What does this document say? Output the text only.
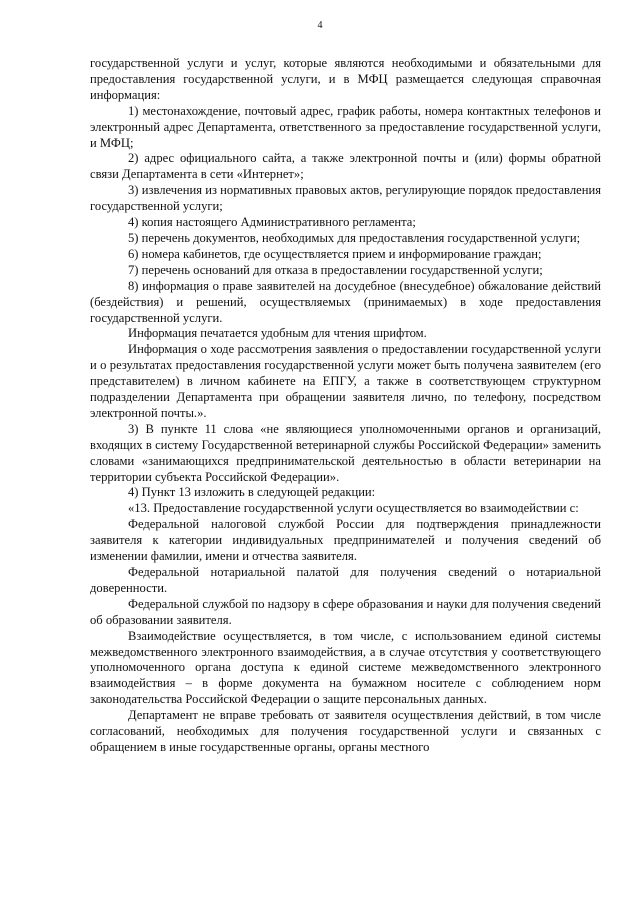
4

государственной услуги и услуг, которые являются необходимыми и обязательными для предоставления государственной услуги, и в МФЦ размещается следующая справочная информация:

1) местонахождение, почтовый адрес, график работы, номера контактных телефонов и электронный адрес Департамента, ответственного за предоставление государственной услуги, и МФЦ;

2) адрес официального сайта, а также электронной почты и (или) формы обратной связи Департамента в сети «Интернет»;

3) извлечения из нормативных правовых актов, регулирующие порядок предоставления государственной услуги;

4) копия настоящего Административного регламента;

5) перечень документов, необходимых для предоставления государственной услуги;

6) номера кабинетов, где осуществляется прием и информирование граждан;

7) перечень оснований для отказа в предоставлении государственной услуги;

8) информация о праве заявителей на досудебное (внесудебное) обжалование действий (бездействия) и решений, осуществляемых (принимаемых) в ходе предоставления государственной услуги.

Информация печатается удобным для чтения шрифтом.

Информация о ходе рассмотрения заявления о предоставлении государственной услуги и о результатах предоставления государственной услуги может быть получена заявителем (его представителем) в личном кабинете на ЕПГУ, а также в соответствующем структурном подразделении Департамента при обращении заявителя лично, по телефону, посредством электронной почты.».

3) В пункте 11 слова «не являющиеся уполномоченными органов и организаций, входящих в систему Государственной ветеринарной службы Российской Федерации» заменить словами «занимающихся предпринимательской деятельностью в области ветеринарии на территории субъекта Российской Федерации».

4) Пункт 13 изложить в следующей редакции:

«13. Предоставление государственной услуги осуществляется во взаимодействии с:

Федеральной налоговой службой России для подтверждения принадлежности заявителя к категории индивидуальных предпринимателей и получения сведений об изменении фамилии, имени и отчества заявителя.

Федеральной нотариальной палатой для получения сведений о нотариальной доверенности.

Федеральной службой по надзору в сфере образования и науки для получения сведений об образовании заявителя.

Взаимодействие осуществляется, в том числе, с использованием единой системы межведомственного электронного взаимодействия, а в случае отсутствия у соответствующего уполномоченного органа доступа к единой системе межведомственного электронного взаимодействия – в форме документа на бумажном носителе с соблюдением норм законодательства Российской Федерации о защите персональных данных.

Департамент не вправе требовать от заявителя осуществления действий, в том числе согласований, необходимых для получения государственной услуги и связанных с обращением в иные государственные органы, органы местного
